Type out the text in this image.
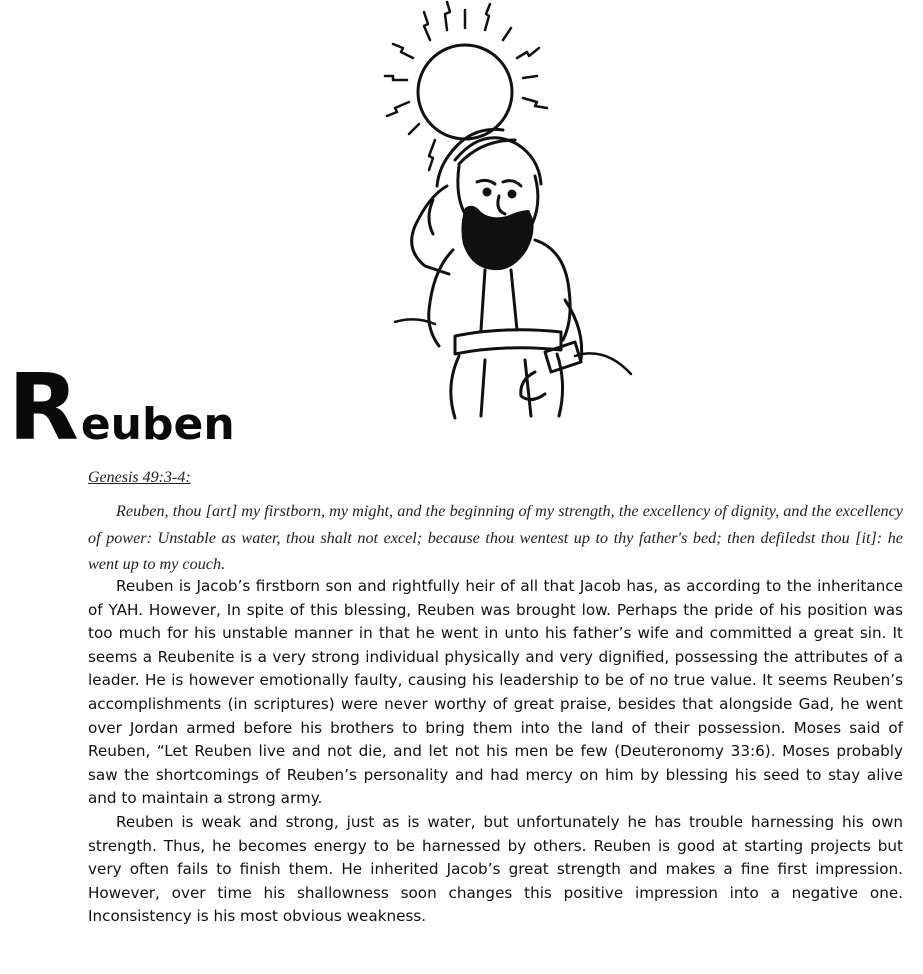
Reuben
Genesis 49:3-4:

Reuben, thou [art] my firstborn, my might, and the beginning of my strength, the excellency of dignity, and the excellency of power: Unstable as water, thou shalt not excel; because thou wentest up to thy father's bed; then defiledst thou [it]: he went up to my couch.

Reuben is Jacob’s firstborn son and rightfully heir of all that Jacob has, as according to the inheritance of YAH. However, In spite of this blessing, Reuben was brought low. Perhaps the pride of his position was too much for his unstable manner in that he went in unto his father’s wife and committed a great sin. It seems a Reubenite is a very strong individual physically and very dignified, possessing the attributes of a leader. He is however emotionally faulty, causing his leadership to be of no true value. It seems Reuben’s accomplishments (in scriptures) were never worthy of great praise, besides that alongside Gad, he went over Jordan armed before his brothers to bring them into the land of their possession. Moses said of Reuben, “Let Reuben live and not die, and let not his men be few (Deuteronomy 33:6). Moses probably saw the shortcomings of Reuben’s personality and had mercy on him by blessing his seed to stay alive and to maintain a strong army.

Reuben is weak and strong, just as is water, but unfortunately he has trouble harnessing his own strength. Thus, he becomes energy to be harnessed by others. Reuben is good at starting projects but very often fails to finish them. He inherited Jacob’s great strength and makes a fine first impression. However, over time his shallowness soon changes this positive impression into a negative one. Inconsistency is his most obvious weakness.
